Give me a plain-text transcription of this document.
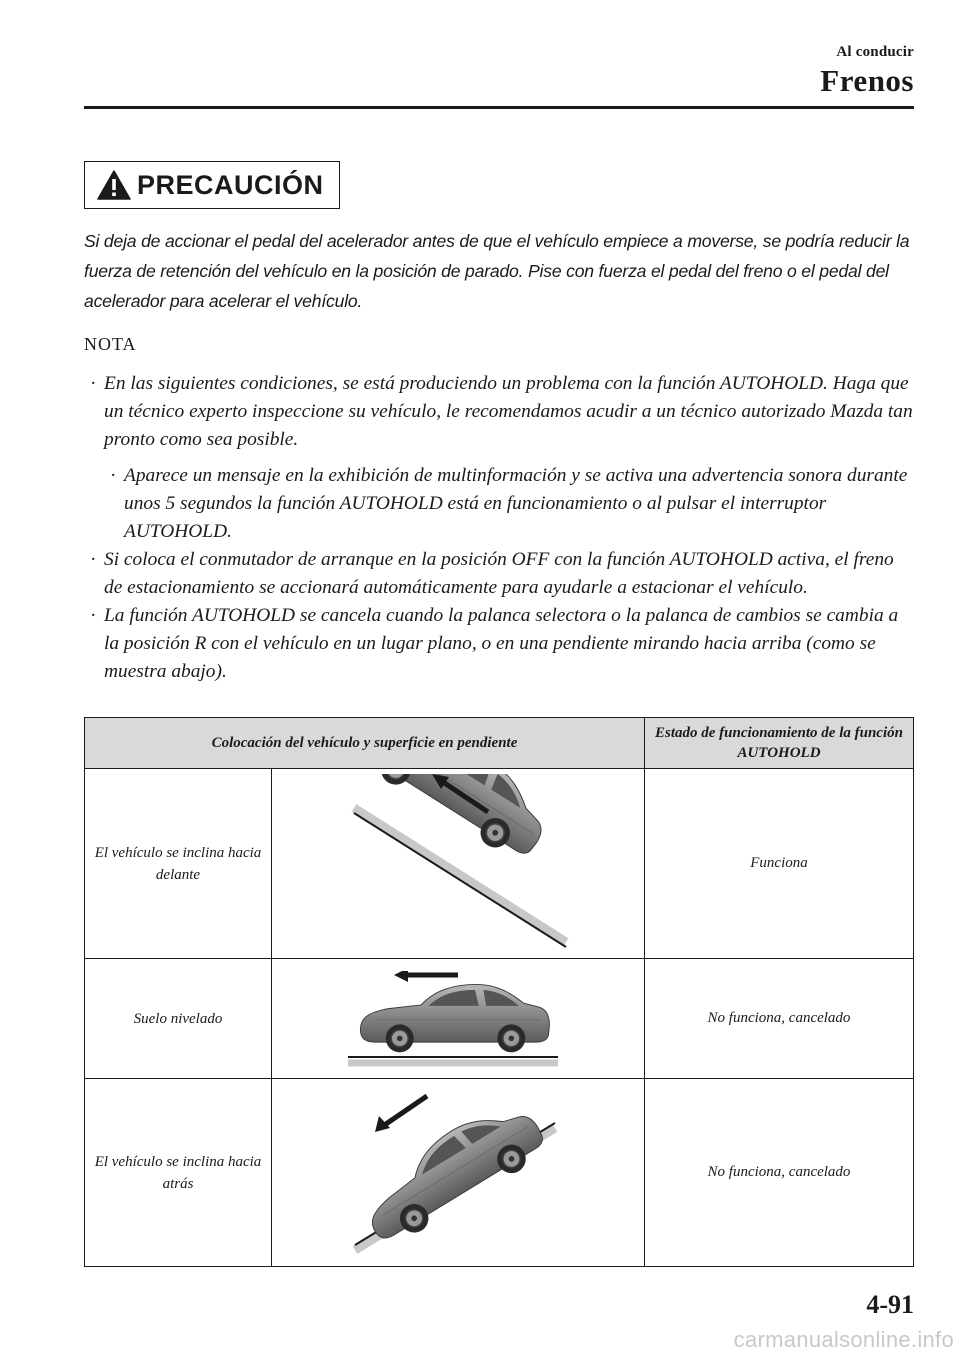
Al conducir
Frenos
PRECAUCIÓN
Si deja de accionar el pedal del acelerador antes de que el vehículo empiece a moverse, se podría reducir la fuerza de retención del vehículo en la posición de parado. Pise con fuerza el pedal del freno o el pedal del acelerador para acelerar el vehículo.
NOTA
· En las siguientes condiciones, se está produciendo un problema con la función AUTOHOLD. Haga que un técnico experto inspeccione su vehículo, le recomendamos acudir a un técnico autorizado Mazda tan pronto como sea posible.
· Aparece un mensaje en la exhibición de multinformación y se activa una advertencia sonora durante unos 5 segundos la función AUTOHOLD está en funcionamiento o al pulsar el interruptor AUTOHOLD.
· Si coloca el conmutador de arranque en la posición OFF con la función AUTOHOLD activa, el freno de estacionamiento se accionará automáticamente para ayudarle a estacionar el vehículo.
· La función AUTOHOLD se cancela cuando la palanca selectora o la palanca de cambios se cambia a la posición R con el vehículo en un lugar plano, o en una pendiente mirando hacia arriba (como se muestra abajo).
Colocación del vehículo y superficie en pendiente		Estado de funcionamiento de la función AUTOHOLD
El vehículo se inclina hacia delante		Funciona
Suelo nivelado		No funciona, cancelado
El vehículo se inclina hacia atrás		No funciona, cancelado
4-91
carmanualsonline.info
